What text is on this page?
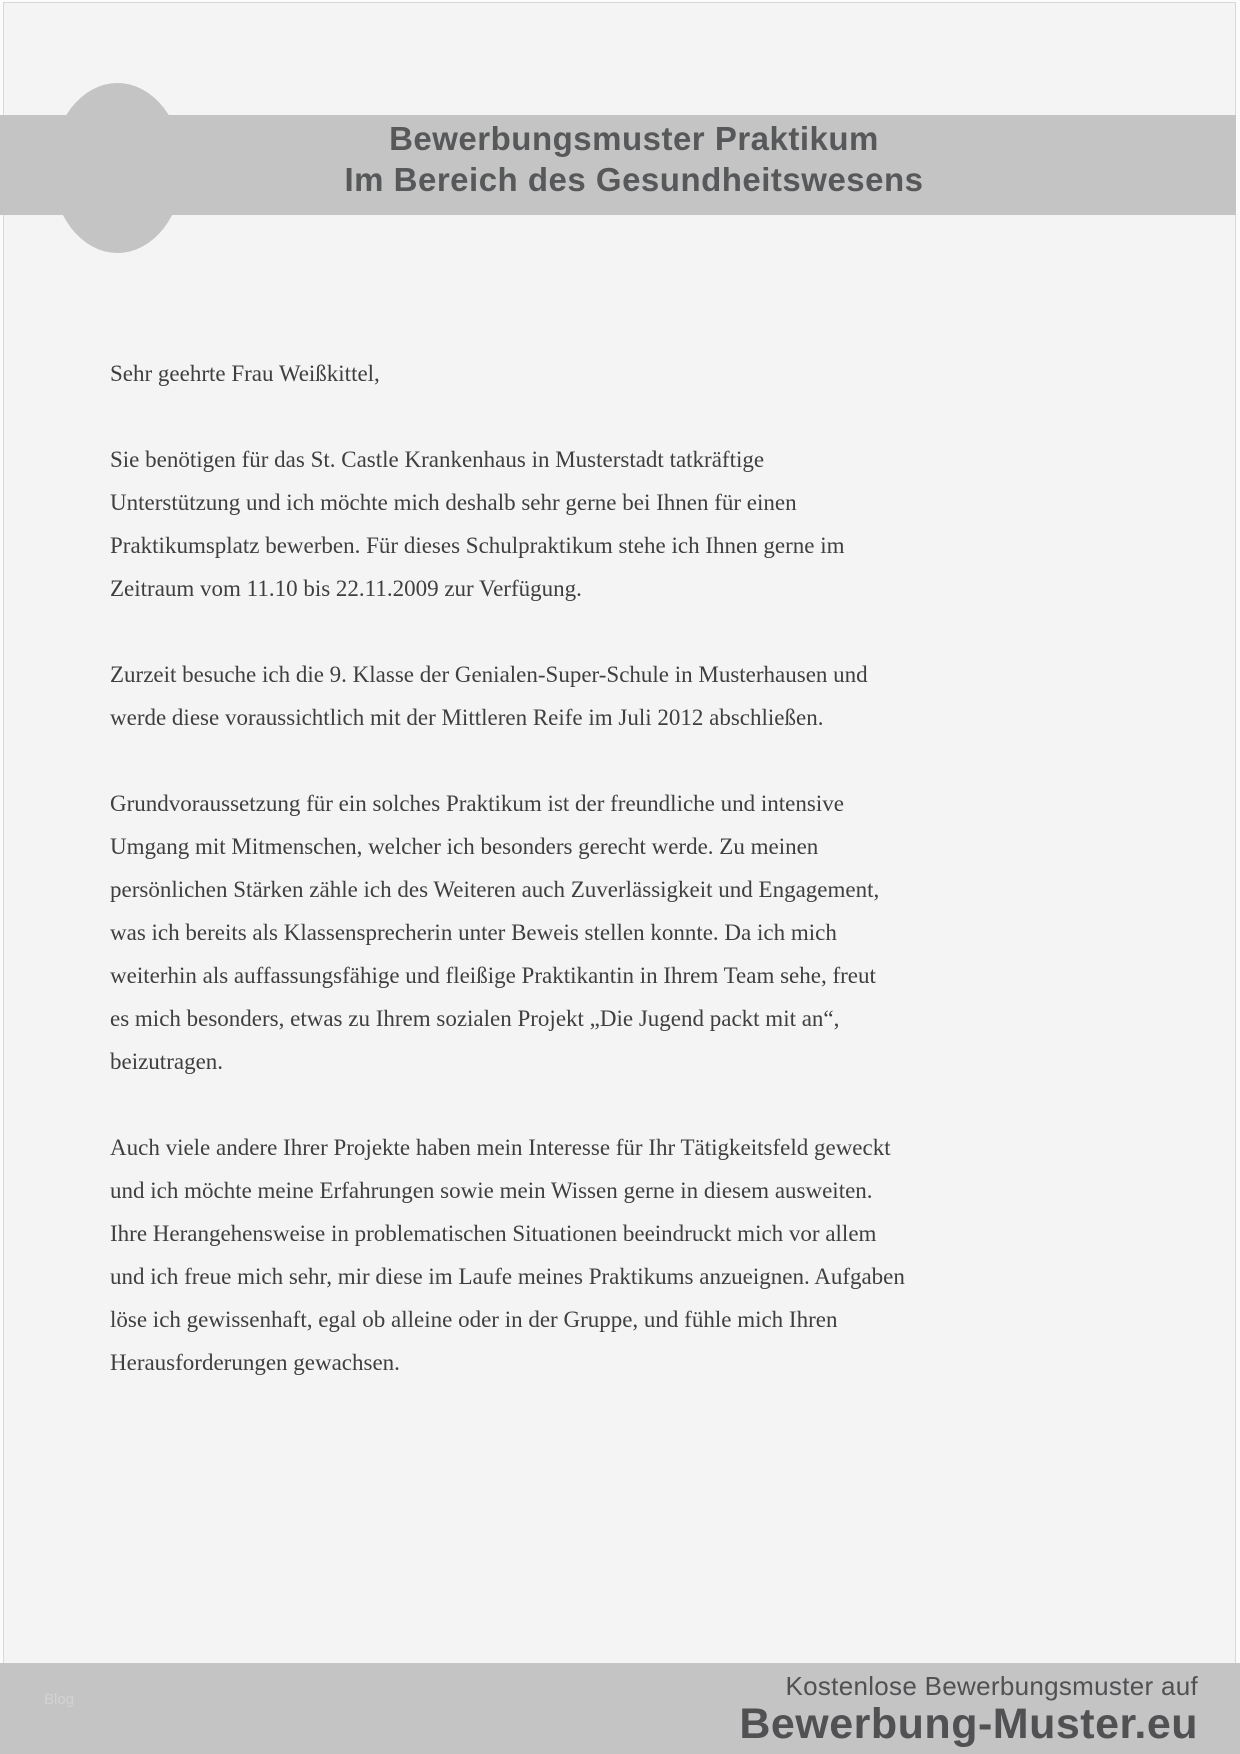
Bewerbungsmuster Praktikum
Im Bereich des Gesundheitswesens
Sehr geehrte Frau Weißkittel,
Sie benötigen für das St. Castle Krankenhaus in Musterstadt tatkräftige
Unterstützung und ich möchte mich deshalb sehr gerne bei Ihnen für einen
Praktikumsplatz bewerben. Für dieses Schulpraktikum stehe ich Ihnen gerne im
Zeitraum vom 11.10 bis 22.11.2009 zur Verfügung.
Zurzeit besuche ich die 9. Klasse der Genialen-Super-Schule in Musterhausen und
werde diese voraussichtlich mit der Mittleren Reife im Juli 2012 abschließen.
Grundvoraussetzung für ein solches Praktikum ist der freundliche und intensive
Umgang mit Mitmenschen, welcher ich besonders gerecht werde. Zu meinen
persönlichen Stärken zähle ich des Weiteren auch Zuverlässigkeit und Engagement,
was ich bereits als Klassensprecherin unter Beweis stellen konnte. Da ich mich
weiterhin als auffassungsfähige und fleißige Praktikantin in Ihrem Team sehe, freut
es mich besonders, etwas zu Ihrem sozialen Projekt „Die Jugend packt mit an“,
beizutragen.
Auch viele andere Ihrer Projekte haben mein Interesse für Ihr Tätigkeitsfeld geweckt
und ich möchte meine Erfahrungen sowie mein Wissen gerne in diesem ausweiten.
Ihre Herangehensweise in problematischen Situationen beeindruckt mich vor allem
und ich freue mich sehr, mir diese im Laufe meines Praktikums anzueignen. Aufgaben
löse ich gewissenhaft, egal ob alleine oder in der Gruppe, und fühle mich Ihren
Herausforderungen gewachsen.
Blog	Kostenlose Bewerbungsmuster auf
Bewerbung-Muster.eu
